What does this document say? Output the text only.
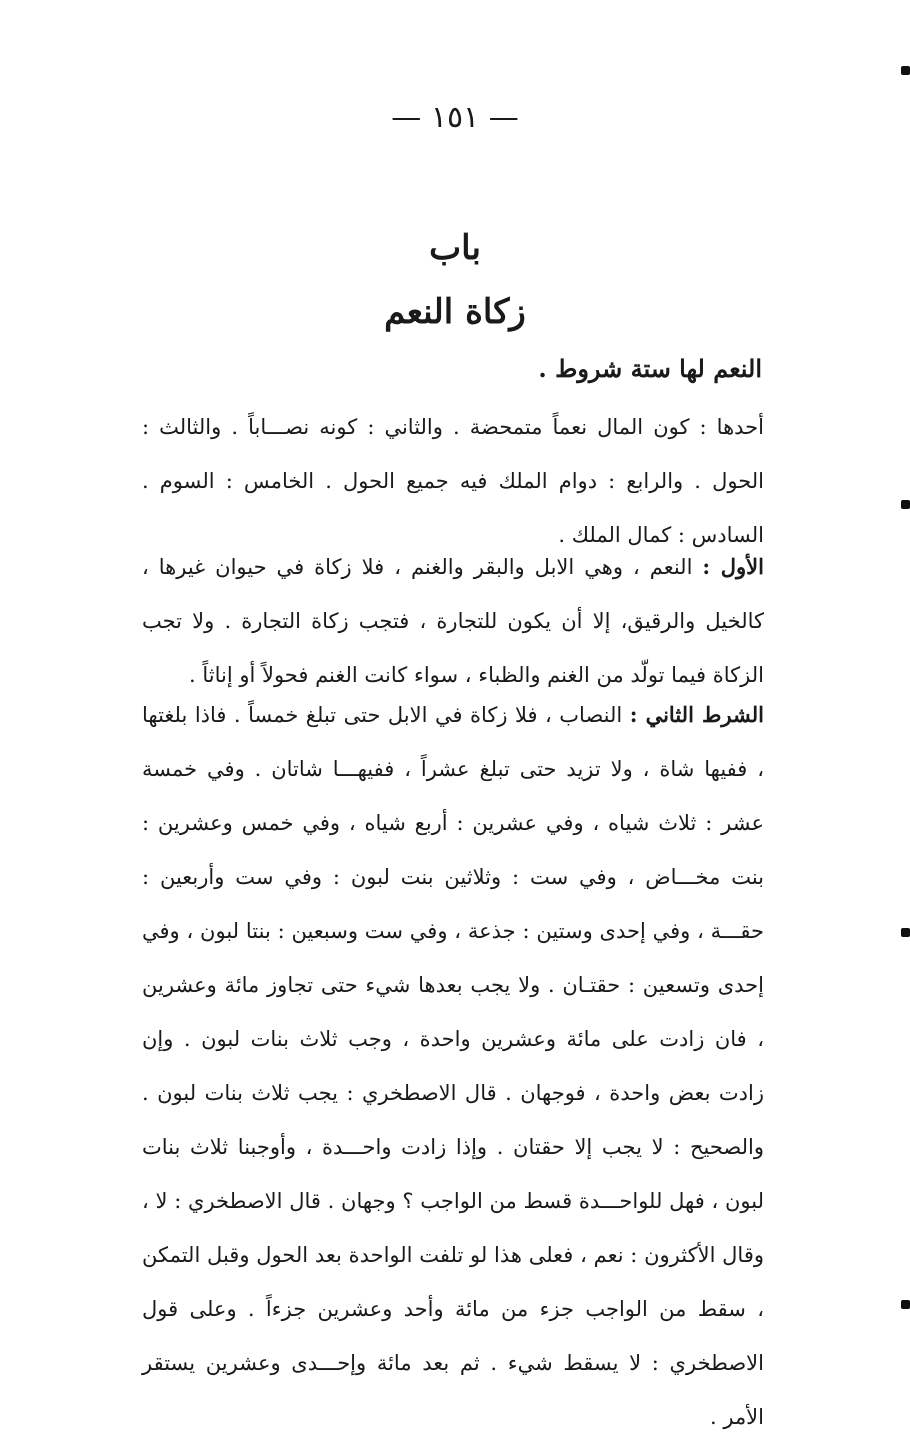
— ١٥١ —
باب
زكاة النعم
النعم لها ستة شروط .

أحدها : كون المال نعماً متمحضة . والثاني : كونه نصـــاباً . والثالث : الحول . والرابع : دوام الملك فيه جميع الحول . الخامس : السوم . السادس : كمال الملك .

الأول : النعم ، وهي الابل والبقر والغنم ، فلا زكاة في حيوان غيرها ، كالخيل والرقيق، إلا أن يكون للتجارة ، فتجب زكاة التجارة . ولا تجب الزكاة فيما تولّد من الغنم والظباء ، سواء كانت الغنم فحولاً أو إناثاً .

الشرط الثاني : النصاب ، فلا زكاة في الابل حتى تبلغ خمساً . فاذا بلغتها ، ففيها شاة ، ولا تزيد حتى تبلغ عشراً ، ففيهـــا شاتان . وفي خمسة عشر : ثلاث شياه ، وفي عشرين : أربع شياه ، وفي خمس وعشرين : بنت مخـــاض ، وفي ست : وثلاثين بنت لبون : وفي ست وأربعين : حقـــة ، وفي إحدى وستين : جذعة ، وفي ست وسبعين : بنتا لبون ، وفي إحدى وتسعين : حقتـان . ولا يجب بعدها شيء حتى تجاوز مائة وعشرين ، فان زادت على مائة وعشرين واحدة ، وجب ثلاث بنات لبون . وإن زادت بعض واحدة ، فوجهان . قال الاصطخري : يجب ثلاث بنات لبون . والصحيح : لا يجب إلا حقتان . وإذا زادت واحـــدة ، وأوجبنا ثلاث بنات لبون ، فهل للواحـــدة قسط من الواجب ؟ وجهان . قال الاصطخري : لا ، وقال الأكثرون : نعم ، فعلى هذا لو تلفت الواحدة بعد الحول وقبل التمكن ، سقط من الواجب جزء من مائة وأحد وعشرين جزءاً . وعلى قول الاصطخري : لا يسقط شيء . ثم بعد مائة وإحـــدى وعشرين يستقر الأمر .
